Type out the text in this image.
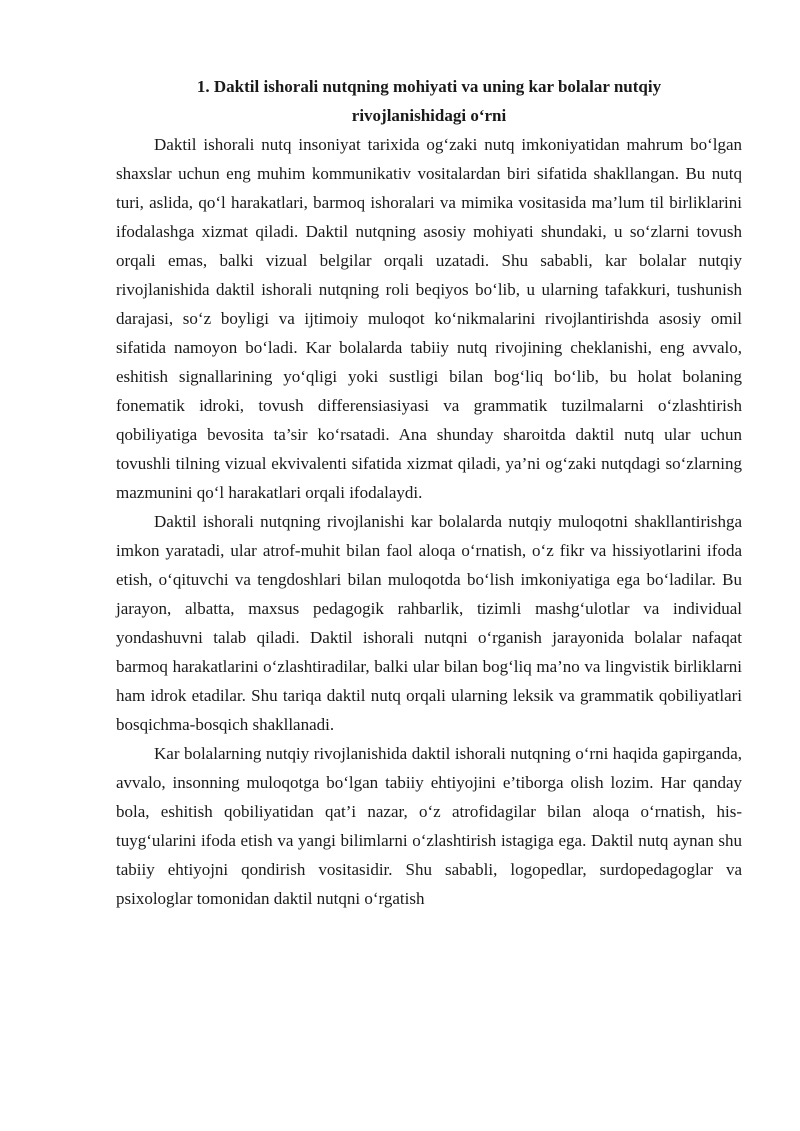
1. Daktil ishorali nutqning mohiyati va uning kar bolalar nutqiy
rivojlanishidagi o‘rni

Daktil ishorali nutq insoniyat tarixida og‘zaki nutq imkoniyatidan mahrum bo‘lgan shaxslar uchun eng muhim kommunikativ vositalardan biri sifatida shakllangan. Bu nutq turi, aslida, qo‘l harakatlari, barmoq ishoralari va mimika vositasida ma’lum til birliklarini ifodalashga xizmat qiladi. Daktil nutqning asosiy mohiyati shundaki, u so‘zlarni tovush orqali emas, balki vizual belgilar orqali uzatadi. Shu sababli, kar bolalar nutqiy rivojlanishida daktil ishorali nutqning roli beqiyos bo‘lib, u ularning tafakkuri, tushunish darajasi, so‘z boyligi va ijtimoiy muloqot ko‘nikmalarini rivojlantirishda asosiy omil sifatida namoyon bo‘ladi. Kar bolalarda tabiiy nutq rivojining cheklanishi, eng avvalo, eshitish signallarining yo‘qligi yoki sustligi bilan bog‘liq bo‘lib, bu holat bolaning fonematik idroki, tovush differensiasiyasi va grammatik tuzilmalarni o‘zlashtirish qobiliyatiga bevosita ta’sir ko‘rsatadi. Ana shunday sharoitda daktil nutq ular uchun tovushli tilning vizual ekvivalenti sifatida xizmat qiladi, ya’ni og‘zaki nutqdagi so‘zlarning mazmunini qo‘l harakatlari orqali ifodalaydi.

Daktil ishorali nutqning rivojlanishi kar bolalarda nutqiy muloqotni shakllantirishga imkon yaratadi, ular atrof-muhit bilan faol aloqa o‘rnatish, o‘z fikr va hissiyotlarini ifoda etish, o‘qituvchi va tengdoshlari bilan muloqotda bo‘lish imkoniyatiga ega bo‘ladilar. Bu jarayon, albatta, maxsus pedagogik rahbarlik, tizimli mashg‘ulotlar va individual yondashuvni talab qiladi. Daktil ishorali nutqni o‘rganish jarayonida bolalar nafaqat barmoq harakatlarini o‘zlashtiradilar, balki ular bilan bog‘liq ma’no va lingvistik birliklarni ham idrok etadilar. Shu tariqa daktil nutq orqali ularning leksik va grammatik qobiliyatlari bosqichma-bosqich shakllanadi.

Kar bolalarning nutqiy rivojlanishida daktil ishorali nutqning o‘rni haqida gapirganda, avvalo, insonning muloqotga bo‘lgan tabiiy ehtiyojini e’tiborga olish lozim. Har qanday bola, eshitish qobiliyatidan qat’i nazar, o‘z atrofidagilar bilan aloqa o‘rnatish, his-tuyg‘ularini ifoda etish va yangi bilimlarni o‘zlashtirish istagiga ega. Daktil nutq aynan shu tabiiy ehtiyojni qondirish vositasidir. Shu sababli, logopedlar, surdopedagoglar va psixologlar tomonidan daktil nutqni o‘rgatish
